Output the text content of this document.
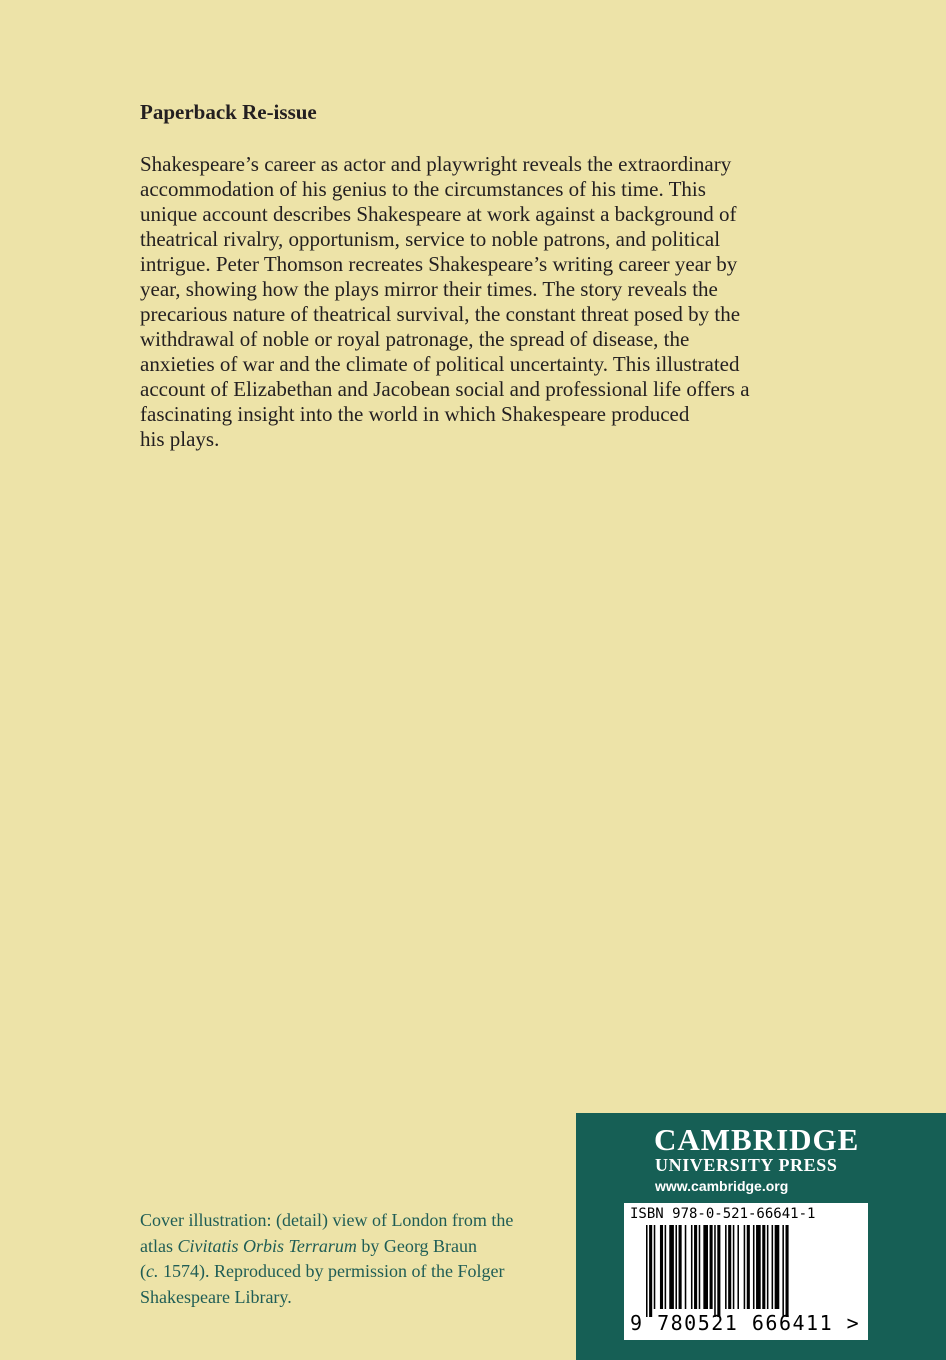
Paperback Re-issue
Shakespeare’s career as actor and playwright reveals the extraordinary
accommodation of his genius to the circumstances of his time. This
unique account describes Shakespeare at work against a background of
theatrical rivalry, opportunism, service to noble patrons, and political
intrigue. Peter Thomson recreates Shakespeare’s writing career year by
year, showing how the plays mirror their times. The story reveals the
precarious nature of theatrical survival, the constant threat posed by the
withdrawal of noble or royal patronage, the spread of disease, the
anxieties of war and the climate of political uncertainty. This illustrated
account of Elizabethan and Jacobean social and professional life offers a
fascinating insight into the world in which Shakespeare produced
his plays.
Cover illustration: (detail) view of London from the
atlas Civitatis Orbis Terrarum by Georg Braun
(c. 1574). Reproduced by permission of the Folger
Shakespeare Library.
CAMBRIDGE
UNIVERSITY PRESS
www.cambridge.org
ISBN 978-0-521-66641-1
9 780521 666411 >
